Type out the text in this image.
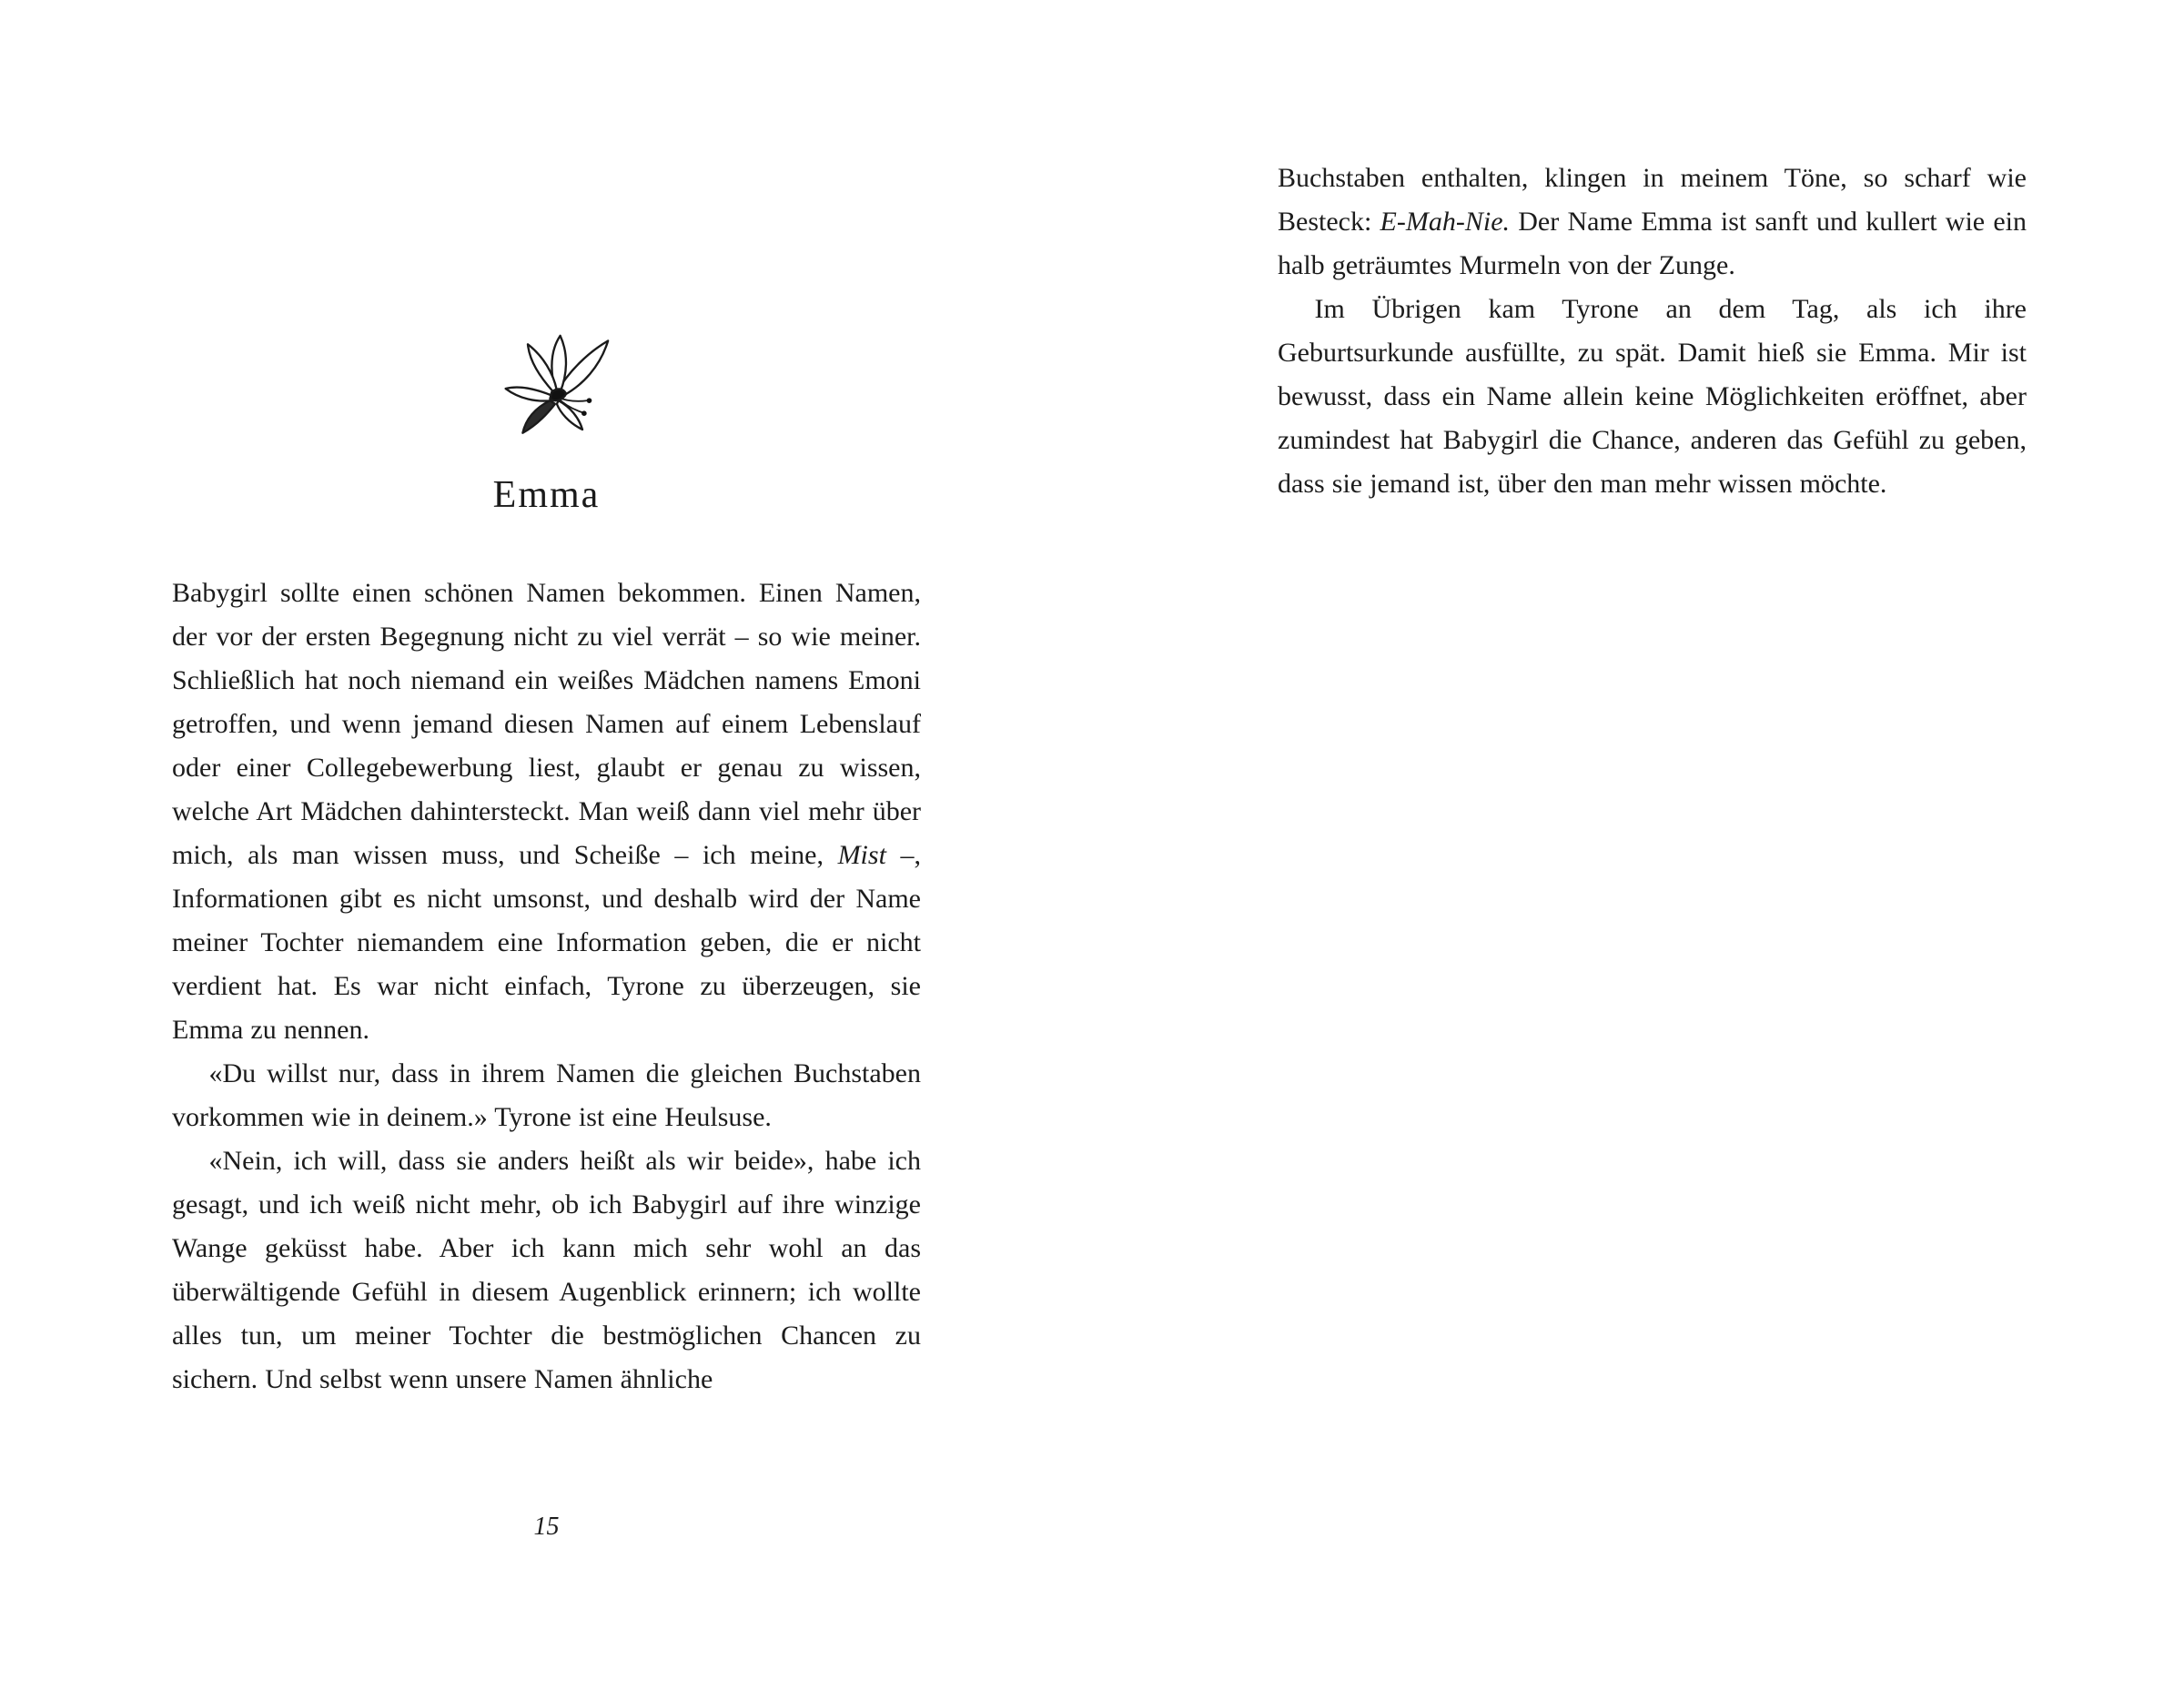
Emma

Babygirl sollte einen schönen Namen bekommen. Einen Namen, der vor der ersten Begegnung nicht zu viel verrät – so wie meiner. Schließlich hat noch niemand ein weißes Mädchen namens Emoni getroffen, und wenn jemand diesen Namen auf einem Lebenslauf oder einer Collegebewerbung liest, glaubt er genau zu wissen, welche Art Mädchen dahintersteckt. Man weiß dann viel mehr über mich, als man wissen muss, und Scheiße – ich meine, Mist –, Informationen gibt es nicht umsonst, und deshalb wird der Name meiner Tochter niemandem eine Information geben, die er nicht verdient hat. Es war nicht einfach, Tyrone zu überzeugen, sie Emma zu nennen.

«Du willst nur, dass in ihrem Namen die gleichen Buchstaben vorkommen wie in deinem.» Tyrone ist eine Heulsuse.

«Nein, ich will, dass sie anders heißt als wir beide», habe ich gesagt, und ich weiß nicht mehr, ob ich Babygirl auf ihre winzige Wange geküsst habe. Aber ich kann mich sehr wohl an das überwältigende Gefühl in diesem Augenblick erinnern; ich wollte alles tun, um meiner Tochter die bestmöglichen Chancen zu sichern. Und selbst wenn unsere Namen ähnliche

15

Buchstaben enthalten, klingen in meinem Töne, so scharf wie Besteck: E-Mah-Nie. Der Name Emma ist sanft und kullert wie ein halb geträumtes Murmeln von der Zunge.

Im Übrigen kam Tyrone an dem Tag, als ich ihre Geburtsurkunde ausfüllte, zu spät. Damit hieß sie Emma. Mir ist bewusst, dass ein Name allein keine Möglichkeiten eröffnet, aber zumindest hat Babygirl die Chance, anderen das Gefühl zu geben, dass sie jemand ist, über den man mehr wissen möchte.
